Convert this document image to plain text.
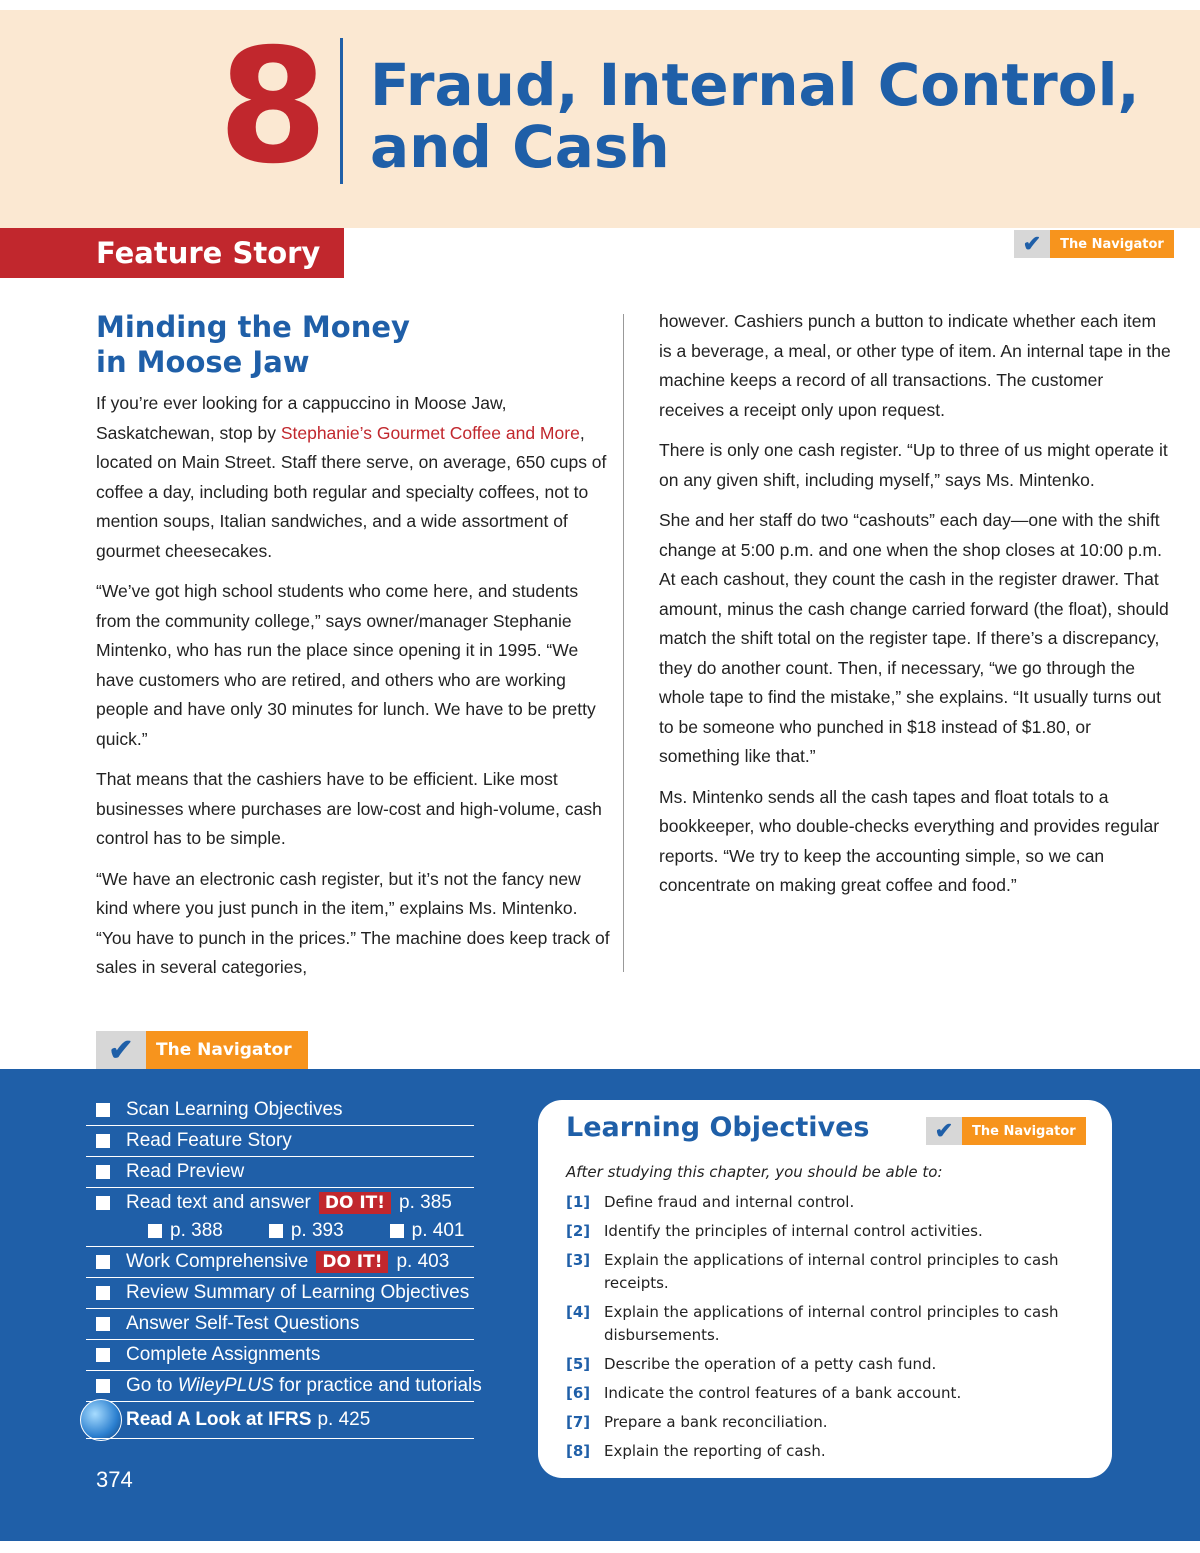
8 Fraud, Internal Control,
and Cash
Feature Story	✔	The Navigator
Minding the Money
in Moose Jaw

If you’re ever looking for a cappuccino in Moose Jaw, Saskatchewan, stop by Stephanie’s Gourmet Coffee and More, located on Main Street. Staff there serve, on average, 650 cups of coffee a day, including both regular and specialty coffees, not to mention soups, Italian sandwiches, and a wide assortment of gourmet cheesecakes.

“We’ve got high school students who come here, and students from the community college,” says owner/manager Stephanie Mintenko, who has run the place since opening it in 1995. “We have customers who are retired, and others who are working people and have only 30 minutes for lunch. We have to be pretty quick.”

That means that the cashiers have to be efficient. Like most businesses where purchases are low-cost and high-volume, cash control has to be simple.

“We have an electronic cash register, but it’s not the fancy new kind where you just punch in the item,” explains Ms. Mintenko. “You have to punch in the prices.” The machine does keep track of sales in several categories,

however. Cashiers punch a button to indicate whether each item is a beverage, a meal, or other type of item. An internal tape in the machine keeps a record of all transactions. The customer receives a receipt only upon request.

There is only one cash register. “Up to three of us might operate it on any given shift, including myself,” says Ms. Mintenko.

She and her staff do two “cashouts” each day—one with the shift change at 5:00 p.m. and one when the shop closes at 10:00 p.m. At each cashout, they count the cash in the register drawer. That amount, minus the cash change carried forward (the float), should match the shift total on the register tape. If there’s a discrepancy, they do another count. Then, if necessary, “we go through the whole tape to find the mistake,” she explains. “It usually turns out to be someone who punched in $18 instead of $1.80, or something like that.”

Ms. Mintenko sends all the cash tapes and float totals to a bookkeeper, who double-checks everything and provides regular reports. “We try to keep the accounting simple, so we can concentrate on making great coffee and food.”

✔	The Navigator
Scan Learning Objectives
Read Feature Story
Read Preview
Read text and answer DO IT! p. 385
p. 388	p. 393	p. 401
Work Comprehensive DO IT! p. 403
Review Summary of Learning Objectives
Answer Self-Test Questions
Complete Assignments
Go to
WileyPLUS
for practice and tutorials
Read A Look at IFRS p. 425
374
Learning Objectives	✔	The Navigator
After studying this chapter, you should be able to:
[1] Define fraud and internal control.
[2] Identify the principles of internal control activities.
[3] Explain the applications of internal control principles to cash receipts.
[4] Explain the applications of internal control principles to cash disbursements.
[5] Describe the operation of a petty cash fund.
[6] Indicate the control features of a bank account.
[7] Prepare a bank reconciliation.
[8] Explain the reporting of cash.
